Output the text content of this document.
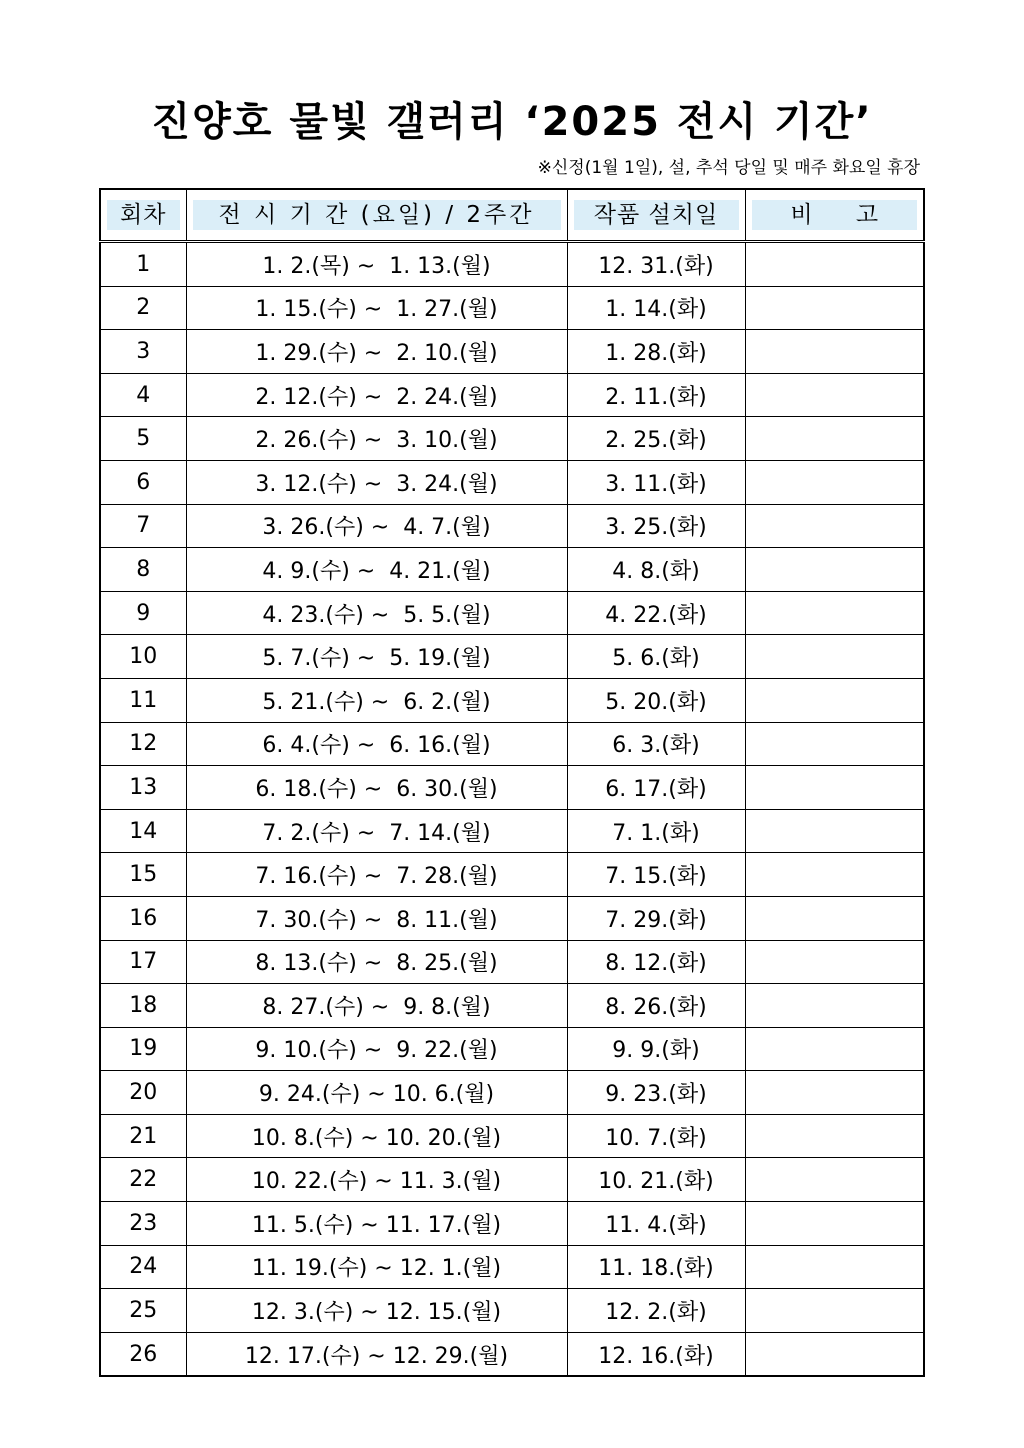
진양호 물빛 갤러리 ‘2025 전시 기간’
※신정(1월 1일), 설, 추석 당일 및 매주 화요일 휴장
회차	전 시 기 간 (요일) / 2주간	작품 설치일	비 고

1	1. 2.(목) ~  1. 13.(월)	12. 31.(화)	
2	1. 15.(수) ~  1. 27.(월)	1. 14.(화)	
3	1. 29.(수) ~  2. 10.(월)	1. 28.(화)	
4	2. 12.(수) ~  2. 24.(월)	2. 11.(화)	
5	2. 26.(수) ~  3. 10.(월)	2. 25.(화)	
6	3. 12.(수) ~  3. 24.(월)	3. 11.(화)	
7	3. 26.(수) ~  4. 7.(월)	3. 25.(화)	
8	4. 9.(수) ~  4. 21.(월)	4. 8.(화)	
9	4. 23.(수) ~  5. 5.(월)	4. 22.(화)	
10	5. 7.(수) ~  5. 19.(월)	5. 6.(화)	
11	5. 21.(수) ~  6. 2.(월)	5. 20.(화)	
12	6. 4.(수) ~  6. 16.(월)	6. 3.(화)	
13	6. 18.(수) ~  6. 30.(월)	6. 17.(화)	
14	7. 2.(수) ~  7. 14.(월)	7. 1.(화)	
15	7. 16.(수) ~  7. 28.(월)	7. 15.(화)	
16	7. 30.(수) ~  8. 11.(월)	7. 29.(화)	
17	8. 13.(수) ~  8. 25.(월)	8. 12.(화)	
18	8. 27.(수) ~  9. 8.(월)	8. 26.(화)	
19	9. 10.(수) ~  9. 22.(월)	9. 9.(화)	
20	9. 24.(수) ~ 10. 6.(월)	9. 23.(화)	
21	10. 8.(수) ~ 10. 20.(월)	10. 7.(화)	
22	10. 22.(수) ~ 11. 3.(월)	10. 21.(화)	
23	11. 5.(수) ~ 11. 17.(월)	11. 4.(화)	
24	11. 19.(수) ~ 12. 1.(월)	11. 18.(화)	
25	12. 3.(수) ~ 12. 15.(월)	12. 2.(화)	
26	12. 17.(수) ~ 12. 29.(월)	12. 16.(화)	
